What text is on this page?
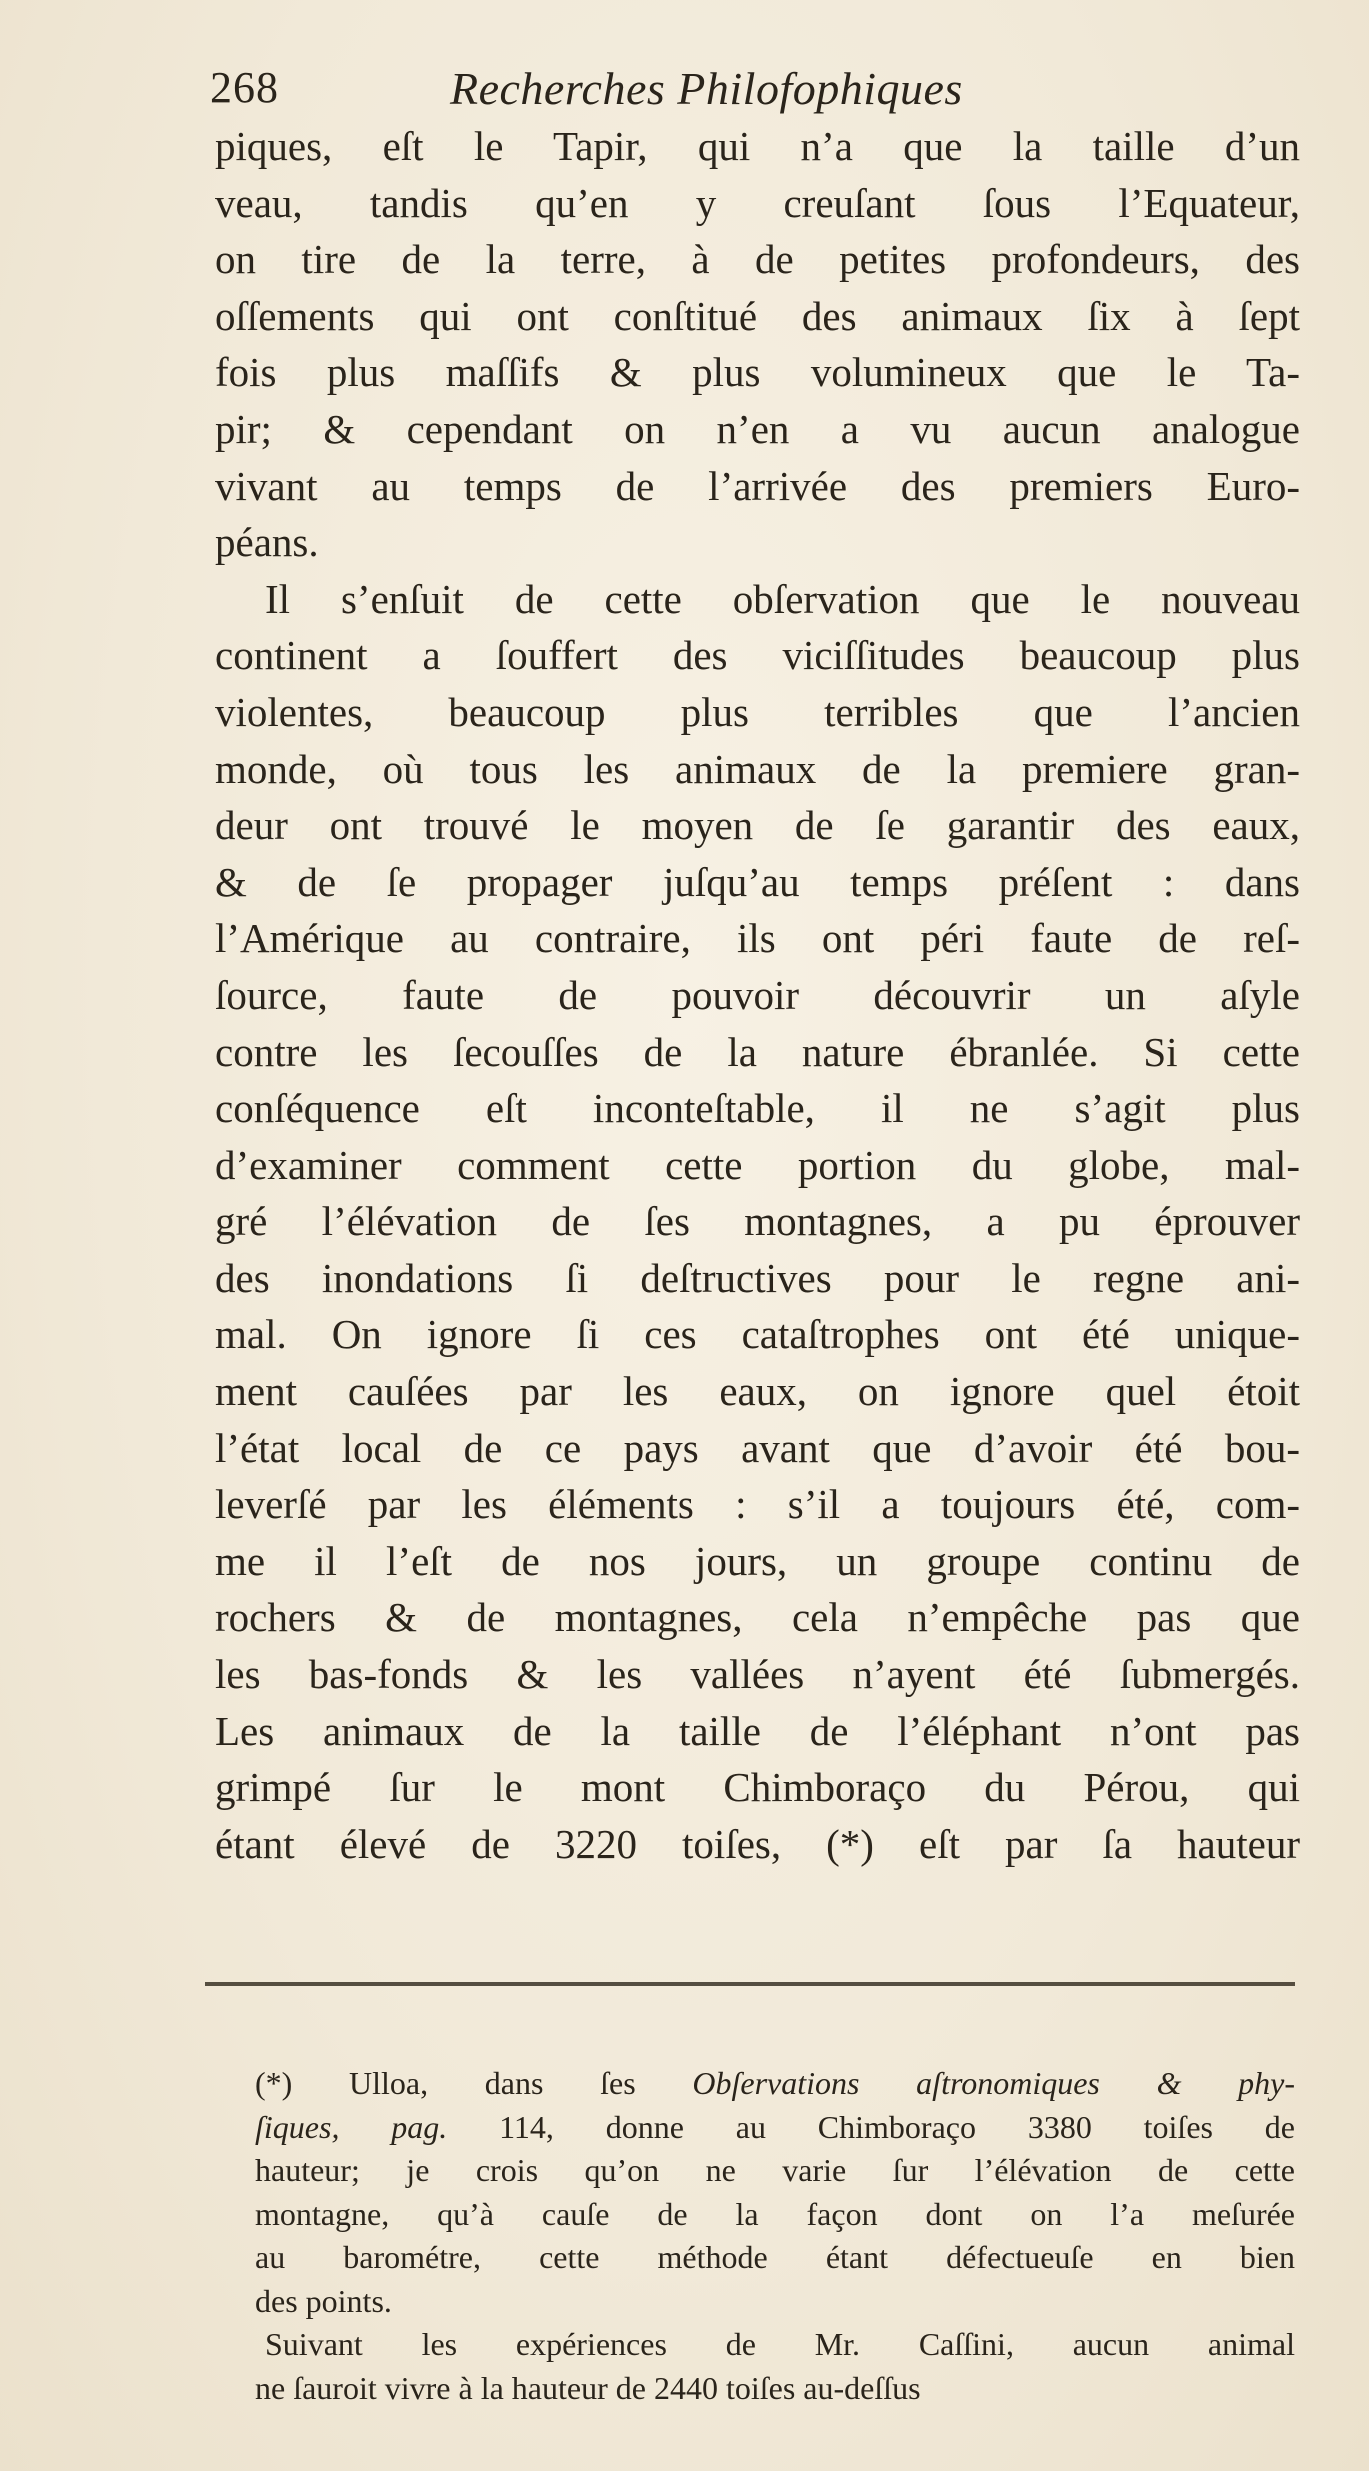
268	Recherches Philofophiques
piques, eſt le Tapir, qui n’a que la taille d’un
veau, tandis qu’en y creuſant ſous l’Equateur,
on tire de la terre, à de petites profondeurs, des
oſſements qui ont conſtitué des animaux ſix à ſept
fois plus maſſifs & plus volumineux que le Ta-
pir; & cependant on n’en a vu aucun analogue
vivant au temps de l’arrivée des premiers Euro-
péans.
Il s’enſuit de cette obſervation que le nouveau
continent a ſouffert des viciſſitudes beaucoup plus
violentes, beaucoup plus terribles que l’ancien
monde, où tous les animaux de la premiere gran-
deur ont trouvé le moyen de ſe garantir des eaux,
& de ſe propager juſqu’au temps préſent : dans
l’Amérique au contraire, ils ont péri faute de reſ-
ſource, faute de pouvoir découvrir un aſyle
contre les ſecouſſes de la nature ébranlée. Si cette
conſéquence eſt inconteſtable, il ne s’agit plus
d’examiner comment cette portion du globe, mal-
gré l’élévation de ſes montagnes, a pu éprouver
des inondations ſi deſtructives pour le regne ani-
mal. On ignore ſi ces cataſtrophes ont été unique-
ment cauſées par les eaux, on ignore quel étoit
l’état local de ce pays avant que d’avoir été bou-
leverſé par les éléments : s’il a toujours été, com-
me il l’eſt de nos jours, un groupe continu de
rochers & de montagnes, cela n’empêche pas que
les bas-fonds & les vallées n’ayent été ſubmergés.
Les animaux de la taille de l’éléphant n’ont pas
grimpé ſur le mont Chimboraço du Pérou, qui
étant élevé de 3220 toiſes, (*) eſt par ſa hauteur
(*) Ulloa, dans ſes Obſervations aſtronomiques & phy-
ſiques, pag. 114, donne au Chimboraço 3380 toiſes de
hauteur; je crois qu’on ne varie ſur l’élévation de cette
montagne, qu’à cauſe de la façon dont on l’a meſurée
au barométre, cette méthode étant défectueuſe en bien
des points.
Suivant les expériences de Mr. Caſſini, aucun animal
ne ſauroit vivre à la hauteur de 2440 toiſes au-deſſus
